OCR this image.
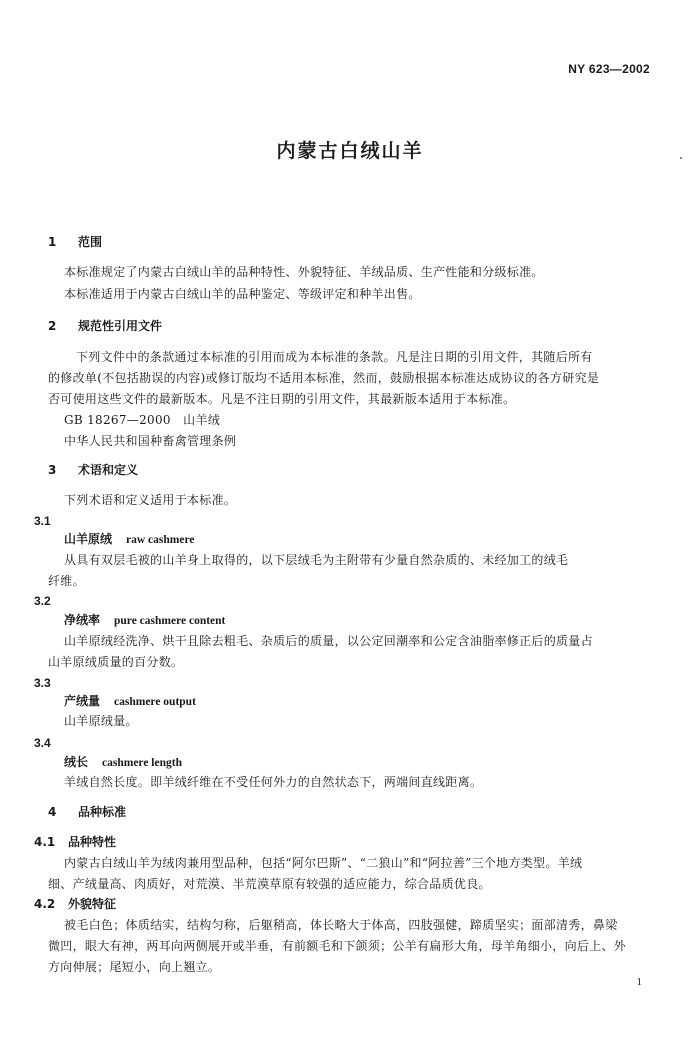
NY 623—2002
内蒙古白绒山羊
1 范围
本标准规定了内蒙古白绒山羊的品种特性、外貌特征、羊绒品质、生产性能和分级标准。
本标准适用于内蒙古白绒山羊的品种鉴定、等级评定和种羊出售。
2 规范性引用文件
下列文件中的条款通过本标准的引用而成为本标准的条款。凡是注日期的引用文件，其随后所有
的修改单(不包括勘误的内容)或修订版均不适用本标准，然而，鼓励根据本标准达成协议的各方研究是
否可使用这些文件的最新版本。凡是不注日期的引用文件，其最新版本适用于本标准。
GB 18267—2000　山羊绒
中华人民共和国种畜禽管理条例
3 术语和定义
下列术语和定义适用于本标准。
3.1
山羊原绒 raw cashmere
从具有双层毛被的山羊身上取得的，以下层绒毛为主附带有少量自然杂质的、未经加工的绒毛
纤维。
3.2
净绒率 pure cashmere content
山羊原绒经洗净、烘干且除去粗毛、杂质后的质量，以公定回潮率和公定含油脂率修正后的质量占
山羊原绒质量的百分数。
3.3
产绒量 cashmere output
山羊原绒量。
3.4
绒长 cashmere length
羊绒自然长度。即羊绒纤维在不受任何外力的自然状态下，两端间直线距离。
4 品种标准
4.1 品种特性
内蒙古白绒山羊为绒肉兼用型品种，包括“阿尔巴斯”、“二狼山”和“阿拉善”三个地方类型。羊绒
细、产绒量高、肉质好，对荒漠、半荒漠草原有较强的适应能力，综合品质优良。
4.2 外貌特征
被毛白色；体质结实，结构匀称，后躯稍高，体长略大于体高，四肢强健，蹄质坚实；面部清秀，鼻梁
微凹，眼大有神，两耳向两侧展开或半垂，有前额毛和下颌须；公羊有扁形大角，母羊角细小，向后上、外
方向伸展；尾短小，向上翘立。
1
